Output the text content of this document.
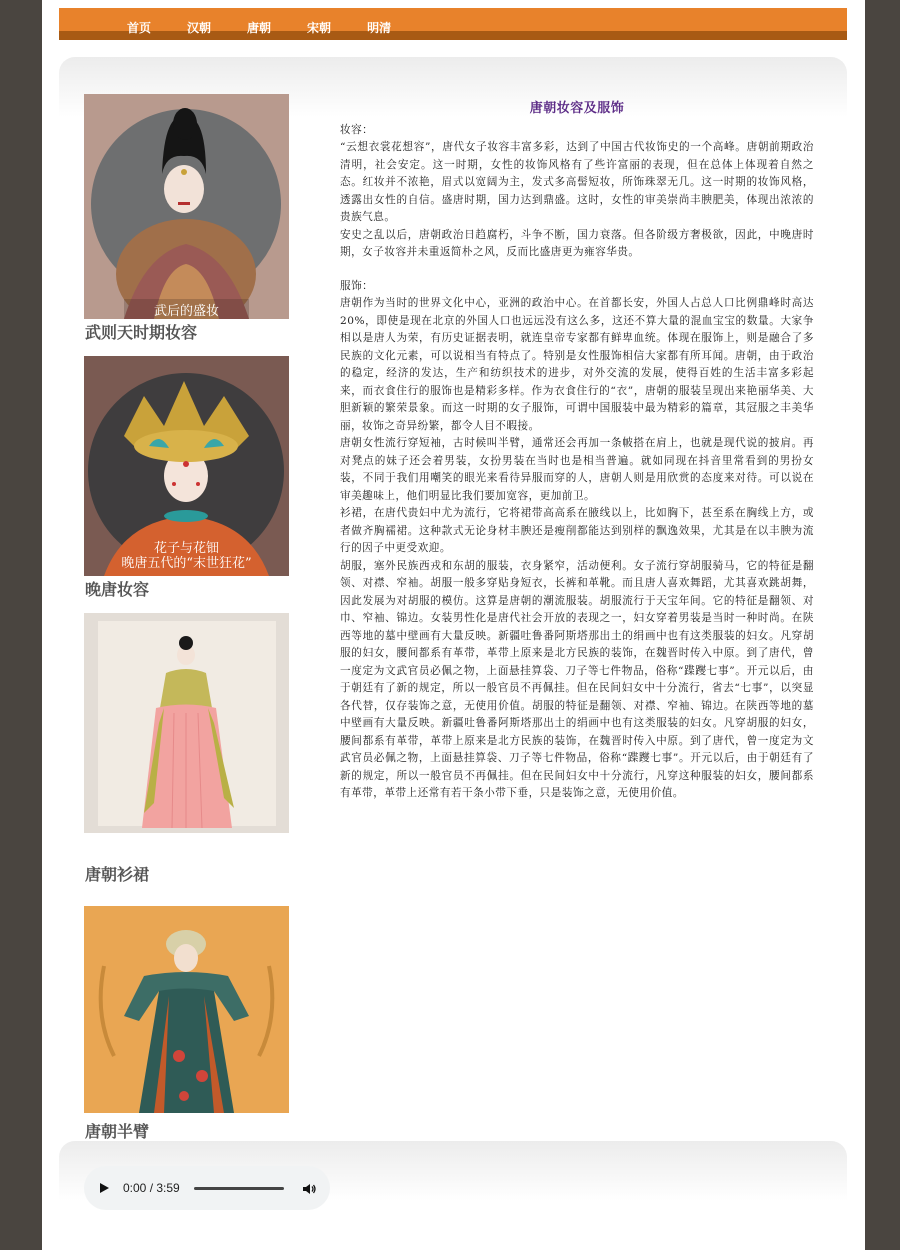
首页	汉朝	唐朝	宋朝	明清
武后的盛妆
武则天时期妆容
花子与花钿
晚唐五代的“末世狂花”
晚唐妆容
唐朝衫裙
唐朝半臂
唐朝妆容及服饰

妆容：

“云想衣裳花想容”，唐代女子妆容丰富多彩，达到了中国古代妆饰史的一个高峰。唐朝前期政治清明，社会安定。这一时期，女性的妆饰风格有了些许富丽的表现，但在总体上体现着自然之态。红妆并不浓艳，眉式以宽阔为主，发式多高髻短妆，所饰珠翠无几。这一时期的妆饰风格，透露出女性的自信。盛唐时期，国力达到鼎盛。这时，女性的审美崇尚丰腴肥美，体现出浓浓的贵族气息。

安史之乱以后，唐朝政治日趋腐朽，斗争不断，国力衰落。但各阶级方奢极欲，因此，中晚唐时期，女子妆容并未重返简朴之风，反而比盛唐更为雍容华贵。

服饰：

唐朝作为当时的世界文化中心，亚洲的政治中心。在首都长安，外国人占总人口比例鼎峰时高达20%，即使是现在北京的外国人口也远远没有这么多，这还不算大量的混血宝宝的数量。大家争相以是唐人为荣，有历史证据表明，就连皇帝专家都有鲜卑血统。体现在服饰上，则是融合了多民族的文化元素，可以说相当有特点了。特别是女性服饰相信大家都有所耳闻。唐朝，由于政治的稳定，经济的发达，生产和纺织技术的进步，对外交流的发展，使得百姓的生活丰富多彩起来，而衣食住行的服饰也是精彩多样。作为衣食住行的“衣”，唐朝的服装呈现出来艳丽华美、大胆新颖的繁荣景象。而这一时期的女子服饰，可谓中国服装中最为精彩的篇章，其冠服之丰美华丽，妆饰之奇异纷繁，都令人目不暇接。

唐朝女性流行穿短袖，古时候叫半臂，通常还会再加一条帔搭在肩上，也就是现代说的披肩。再对凳点的妹子还会着男装，女扮男装在当时也是相当普遍。就如同现在抖音里常看到的男扮女装，不同于我们用嘲笑的眼光来看待异服而穿的人，唐朝人则是用欣赏的态度来对待。可以说在审美趣味上，他们明显比我们要加宽容，更加前卫。

衫裙，在唐代贵妇中尤为流行，它将裙带高高系在腋线以上，比如胸下，甚至系在胸线上方，或者做齐胸襦裙。这种款式无论身材丰腴还是瘦削都能达到别样的飘逸效果，尤其是在以丰腴为流行的因子中更受欢迎。

胡服，塞外民族西戎和东胡的服装，衣身紧窄，活动便利。女子流行穿胡服骑马，它的特征是翻领、对襟、窄袖。胡服一般多穿贴身短衣，长裤和革靴。而且唐人喜欢舞蹈，尤其喜欢跳胡舞，因此发展为对胡服的模仿。这算是唐朝的潮流服装。胡服流行于天宝年间。它的特征是翻领、对巾、窄袖、锦边。女装男性化是唐代社会开放的表现之一，妇女穿着男装是当时一种时尚。在陕西等地的墓中壁画有大量反映。新疆吐鲁番阿斯塔那出土的绢画中也有这类服装的妇女。凡穿胡服的妇女，腰间都系有革带，革带上原来是北方民族的装饰，在魏晋时传入中原。到了唐代，曾一度定为文武官员必佩之物，上面悬挂算袋、刀子等七件物品，俗称“蹀躞七事”。开元以后，由于朝廷有了新的规定，所以一般官员不再佩挂。但在民间妇女中十分流行，省去“七事”，以突显各代替，仅存装饰之意，无使用价值。胡服的特征是翻领、对襟、窄袖、锦边。在陕西等地的墓中壁画有大量反映。新疆吐鲁番阿斯塔那出土的绢画中也有这类服装的妇女。凡穿胡服的妇女，腰间都系有革带，革带上原来是北方民族的装饰，在魏晋时传入中原。到了唐代，曾一度定为文武官员必佩之物，上面悬挂算袋、刀子等七件物品，俗称“蹀躞七事”。开元以后，由于朝廷有了新的规定，所以一般官员不再佩挂。但在民间妇女中十分流行，凡穿这种服装的妇女，腰间都系有革带，革带上还常有若干条小带下垂，只是装饰之意，无使用价值。

0:00 / 3:59
